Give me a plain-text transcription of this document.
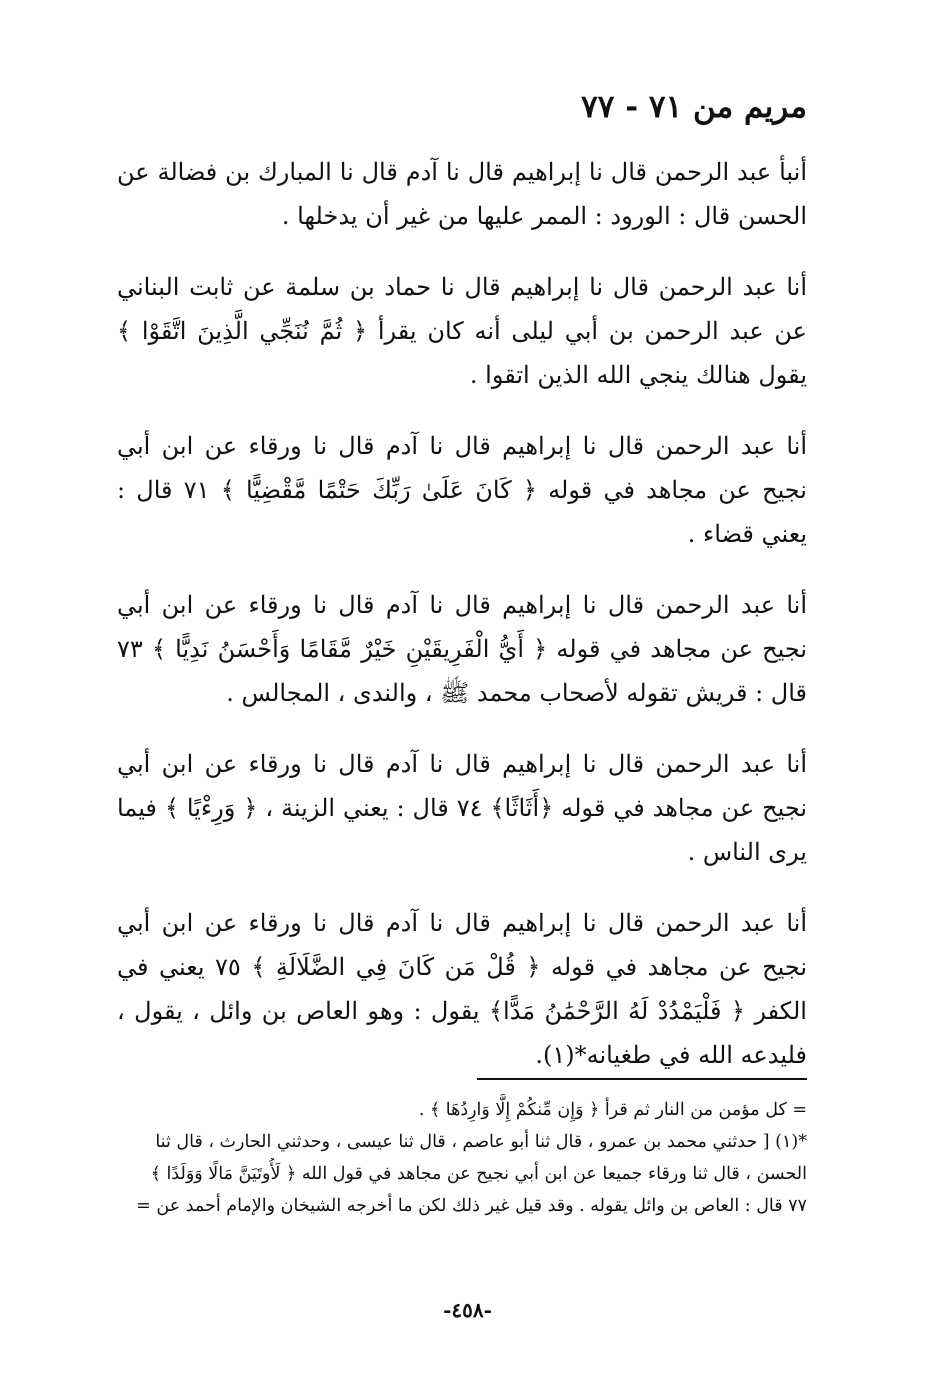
مريم من ٧١ - ٧٧

أنبأ عبد الرحمن قال نا إبراهيم قال نا آدم قال نا المبارك بن فضالة عن الحسن قال : الورود : الممر عليها من غير أن يدخلها .

أنا عبد الرحمن قال نا إبراهيم قال نا حماد بن سلمة عن ثابت البناني عن عبد الرحمن بن أبي ليلى أنه كان يقرأ ﴿ ثُمَّ نُنَجِّي الَّذِينَ اتَّقَوْا ﴾ يقول هنالك ينجي الله الذين اتقوا .

أنا عبد الرحمن قال نا إبراهيم قال نا آدم قال نا ورقاء عن ابن أبي نجيح عن مجاهد في قوله ﴿ كَانَ عَلَىٰ رَبِّكَ حَتْمًا مَّقْضِيًّا ﴾ ٧١ قال : يعني قضاء .

أنا عبد الرحمن قال نا إبراهيم قال نا آدم قال نا ورقاء عن ابن أبي نجيح عن مجاهد في قوله ﴿ أَيُّ الْفَرِيقَيْنِ خَيْرٌ مَّقَامًا وَأَحْسَنُ نَدِيًّا ﴾ ٧٣ قال : قريش تقوله لأصحاب محمد ﷺ ، والندى ، المجالس .

أنا عبد الرحمن قال نا إبراهيم قال نا آدم قال نا ورقاء عن ابن أبي نجيح عن مجاهد في قوله ﴿أَثَاثًا﴾ ٧٤ قال : يعني الزينة ، ﴿ وَرِءْيًا ﴾ فيما يرى الناس .

أنا عبد الرحمن قال نا إبراهيم قال نا آدم قال نا ورقاء عن ابن أبي نجيح عن مجاهد في قوله ﴿ قُلْ مَن كَانَ فِي الضَّلَالَةِ ﴾ ٧٥ يعني في الكفر ﴿ فَلْيَمْدُدْ لَهُ الرَّحْمَٰنُ مَدًّا﴾ يقول : وهو العاص بن وائل ، يقول ، فليدعه الله في طغيانه*(١).

= كل مؤمن من النار ثم قرأ ﴿ وَإِن مِّنكُمْ إِلَّا وَارِدُهَا ﴾ .
*(١) [ حدثني محمد بن عمرو ، قال ثنا أبو عاصم ، قال ثنا عيسى ، وحدثني الحارث ، قال ثنا
الحسن ، قال ثنا ورقاء جميعا عن ابن أبي نجيح عن مجاهد في قول الله ﴿ لَأُوتَيَنَّ مَالًا وَوَلَدًا ﴾
٧٧ قال : العاص بن وائل يقوله . وقد قيل غير ذلك لكن ما أخرجه الشيخان والإمام أحمد عن =
-٤٥٨-
